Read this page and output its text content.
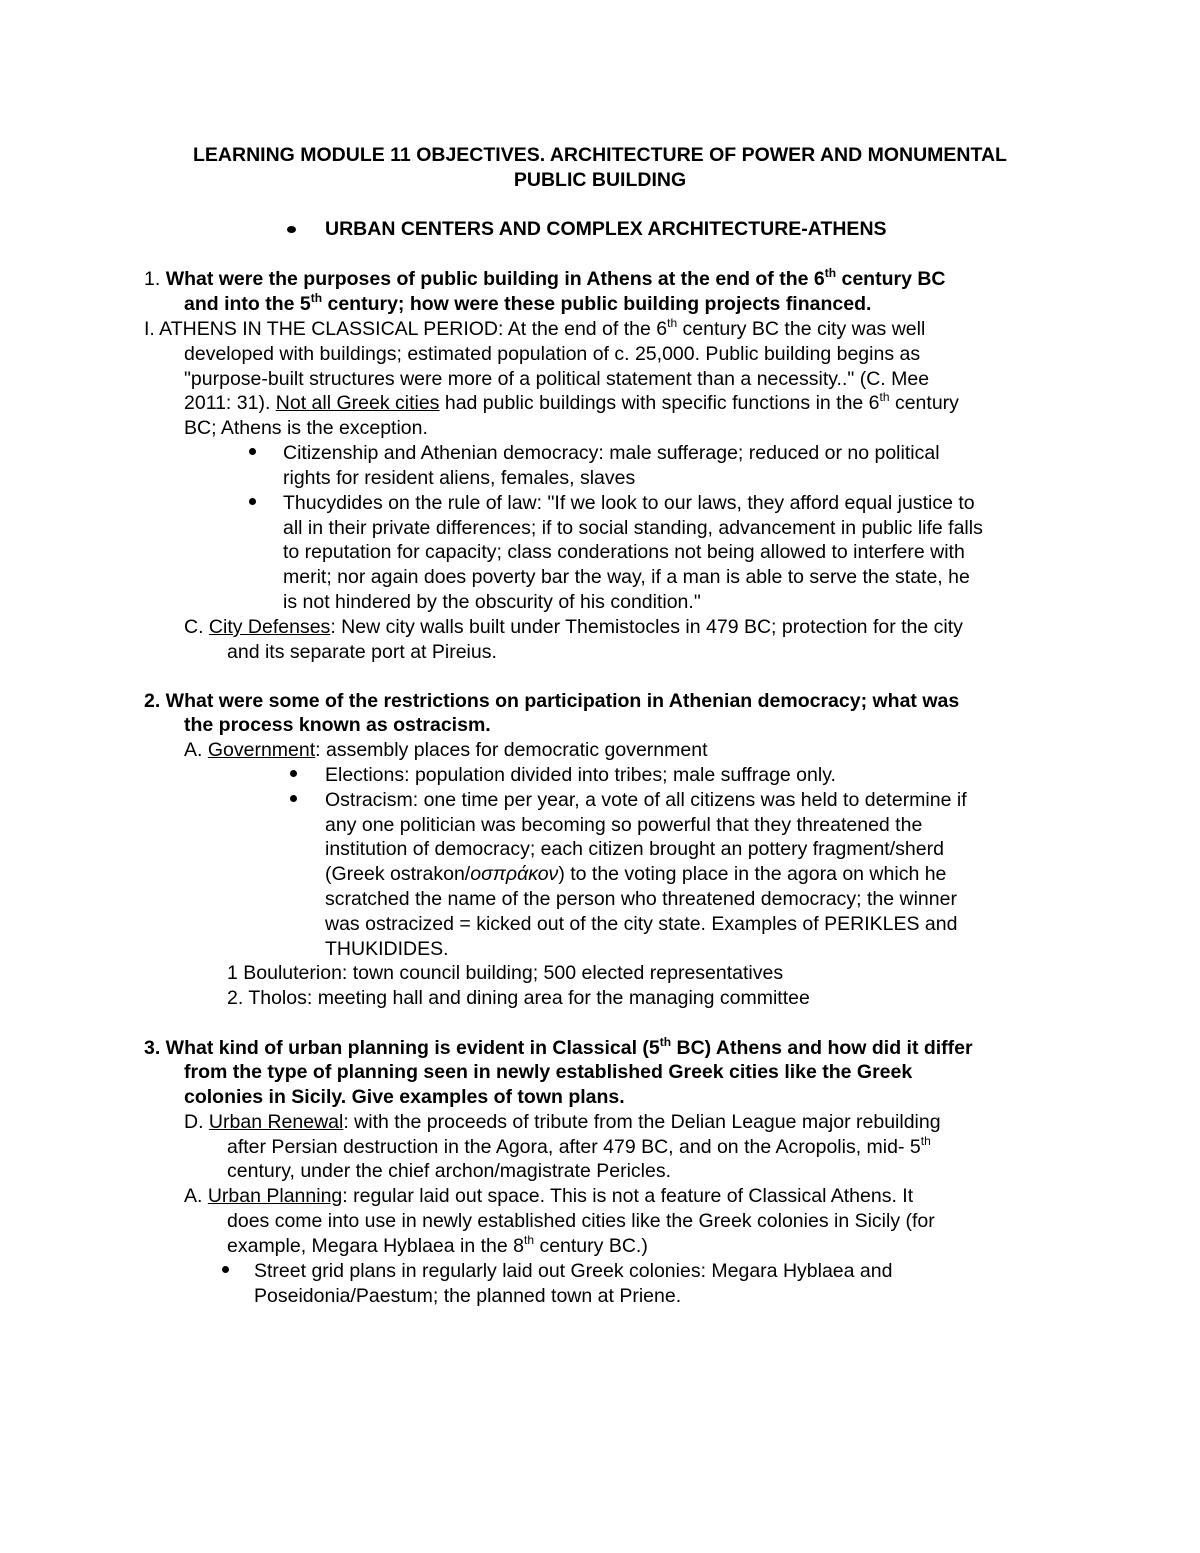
LEARNING MODULE 11 OBJECTIVES. ARCHITECTURE OF POWER AND MONUMENTAL
PUBLIC BUILDING
URBAN CENTERS AND COMPLEX ARCHITECTURE-ATHENS
1. What were the purposes of public building in Athens at the end of the 6th century BC
and into the 5th century; how were these public building projects financed.
I. ATHENS IN THE CLASSICAL PERIOD: At the end of the 6th century BC the city was well
developed with buildings; estimated population of c. 25,000. Public building begins as
"purpose-built structures were more of a political statement than a necessity.." (C. Mee
2011: 31). Not all Greek cities had public buildings with specific functions in the 6th century
BC; Athens is the exception.
Citizenship and Athenian democracy: male sufferage; reduced or no political
rights for resident aliens, females, slaves
Thucydides on the rule of law: "If we look to our laws, they afford equal justice to
all in their private differences; if to social standing, advancement in public life falls
to reputation for capacity; class conderations not being allowed to interfere with
merit; nor again does poverty bar the way, if a man is able to serve the state, he
is not hindered by the obscurity of his condition."
C. City Defenses: New city walls built under Themistocles in 479 BC; protection for the city
and its separate port at Pireius.
2. What were some of the restrictions on participation in Athenian democracy; what was
the process known as ostracism.
A. Government: assembly places for democratic government
Elections: population divided into tribes; male suffrage only.
Ostracism: one time per year, a vote of all citizens was held to determine if
any one politician was becoming so powerful that they threatened the
institution of democracy; each citizen brought an pottery fragment/sherd
(Greek ostrakon/οσπράκον) to the voting place in the agora on which he
scratched the name of the person who threatened democracy; the winner
was ostracized = kicked out of the city state. Examples of PERIKLES and
THUKIDIDES.
1 Bouluterion: town council building; 500 elected representatives
2. Tholos: meeting hall and dining area for the managing committee
3. What kind of urban planning is evident in Classical (5th BC) Athens and how did it differ
from the type of planning seen in newly established Greek cities like the Greek
colonies in Sicily. Give examples of town plans.
D. Urban Renewal: with the proceeds of tribute from the Delian League major rebuilding
after Persian destruction in the Agora, after 479 BC, and on the Acropolis, mid- 5th
century, under the chief archon/magistrate Pericles.
A. Urban Planning: regular laid out space. This is not a feature of Classical Athens. It
does come into use in newly established cities like the Greek colonies in Sicily (for
example, Megara Hyblaea in the 8th century BC.)
Street grid plans in regularly laid out Greek colonies: Megara Hyblaea and
Poseidonia/Paestum; the planned town at Priene.
